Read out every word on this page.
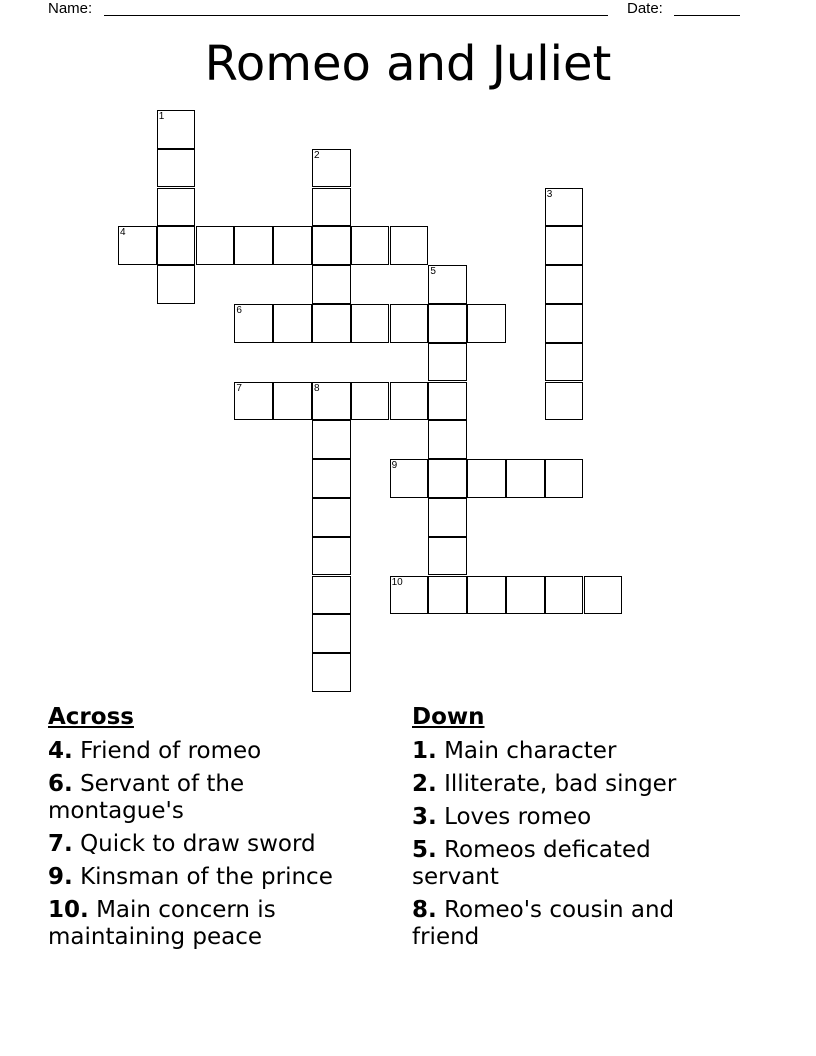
Name:	Date:
Romeo and Juliet
1
2
3
4
5
6
7	8
9
10
Across
4. Friend of romeo
6. Servant of the montague's
7. Quick to draw sword
9. Kinsman of the prince
10. Main concern is maintaining peace
Down
1. Main character
2. Illiterate, bad singer
3. Loves romeo
5. Romeos deficated servant
8. Romeo's cousin and friend
